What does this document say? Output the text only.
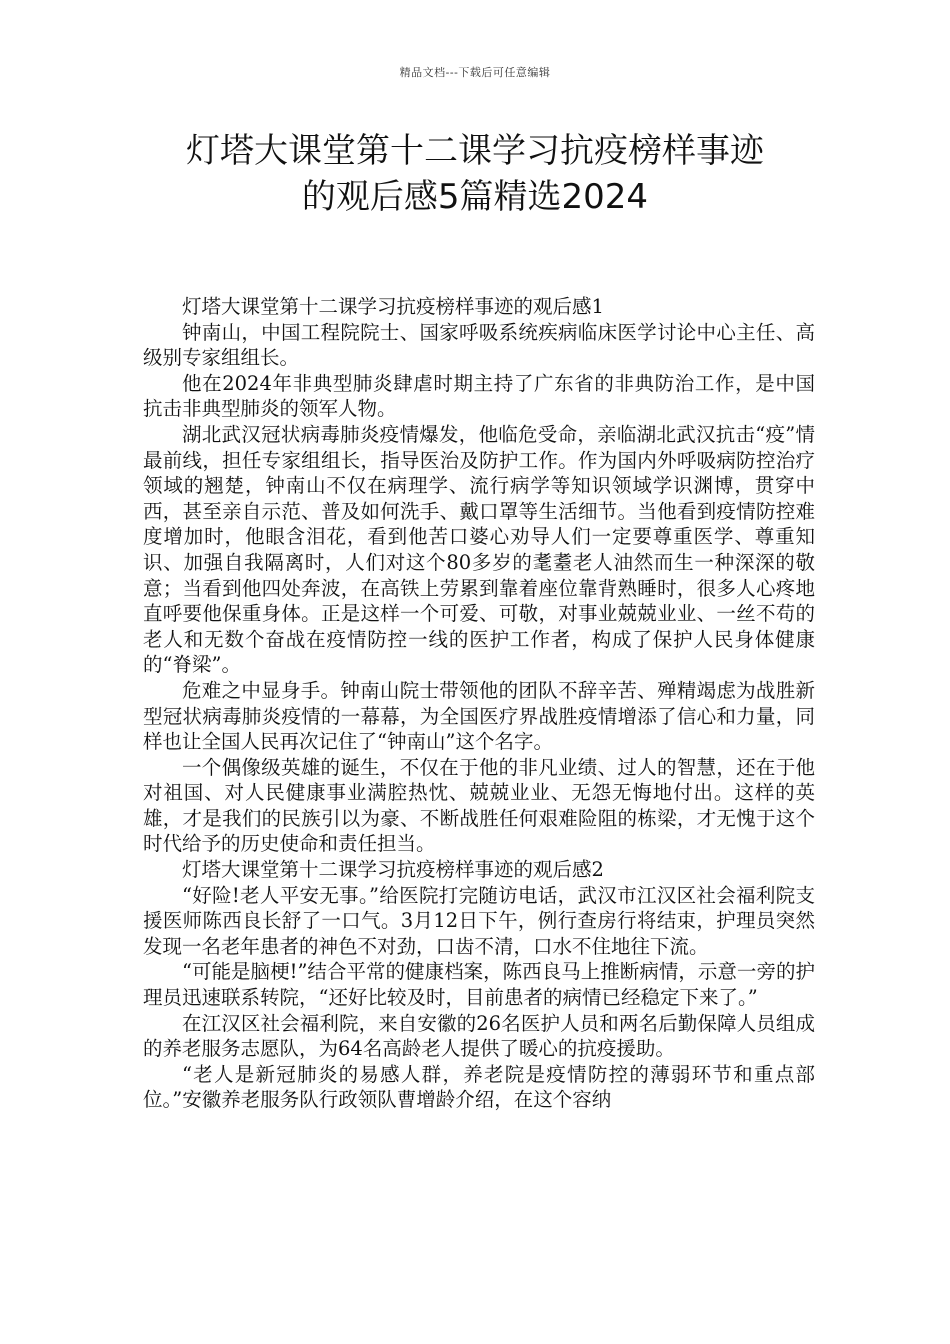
精品文档---下载后可任意编辑
灯塔大课堂第十二课学习抗疫榜样事迹
的观后感5篇精选2024

灯塔大课堂第十二课学习抗疫榜样事迹的观后感1

钟南山，中国工程院院士、国家呼吸系统疾病临床医学讨论中心主任、高级别专家组组长。

他在2024年非典型肺炎肆虐时期主持了广东省的非典防治工作，是中国抗击非典型肺炎的领军人物。

湖北武汉冠状病毒肺炎疫情爆发，他临危受命，亲临湖北武汉抗击“疫”情最前线，担任专家组组长，指导医治及防护工作。作为国内外呼吸病防控治疗领域的翘楚，钟南山不仅在病理学、流行病学等知识领域学识渊博，贯穿中西，甚至亲自示范、普及如何洗手、戴口罩等生活细节。当他看到疫情防控难度增加时，他眼含泪花，看到他苦口婆心劝导人们一定要尊重医学、尊重知识、加强自我隔离时，人们对这个80多岁的耄耋老人油然而生一种深深的敬意；当看到他四处奔波，在高铁上劳累到靠着座位靠背熟睡时，很多人心疼地直呼要他保重身体。正是这样一个可爱、可敬，对事业兢兢业业、一丝不苟的老人和无数个奋战在疫情防控一线的医护工作者，构成了保护人民身体健康的“脊梁”。

危难之中显身手。钟南山院士带领他的团队不辞辛苦、殚精竭虑为战胜新型冠状病毒肺炎疫情的一幕幕，为全国医疗界战胜疫情增添了信心和力量，同样也让全国人民再次记住了“钟南山”这个名字。

一个偶像级英雄的诞生，不仅在于他的非凡业绩、过人的智慧，还在于他对祖国、对人民健康事业满腔热忱、兢兢业业、无怨无悔地付出。这样的英雄，才是我们的民族引以为豪、不断战胜任何艰难险阻的栋梁，才无愧于这个时代给予的历史使命和责任担当。

灯塔大课堂第十二课学习抗疫榜样事迹的观后感2

“好险!老人平安无事。”给医院打完随访电话，武汉市江汉区社会福利院支援医师陈西良长舒了一口气。3月12日下午，例行查房行将结束，护理员突然发现一名老年患者的神色不对劲，口齿不清，口水不住地往下流。

“可能是脑梗!”结合平常的健康档案，陈西良马上推断病情，示意一旁的护理员迅速联系转院，“还好比较及时，目前患者的病情已经稳定下来了。”

在江汉区社会福利院，来自安徽的26名医护人员和两名后勤保障人员组成的养老服务志愿队，为64名高龄老人提供了暖心的抗疫援助。

“老人是新冠肺炎的易感人群，养老院是疫情防控的薄弱环节和重点部位。”安徽养老服务队行政领队曹增龄介绍，在这个容纳
